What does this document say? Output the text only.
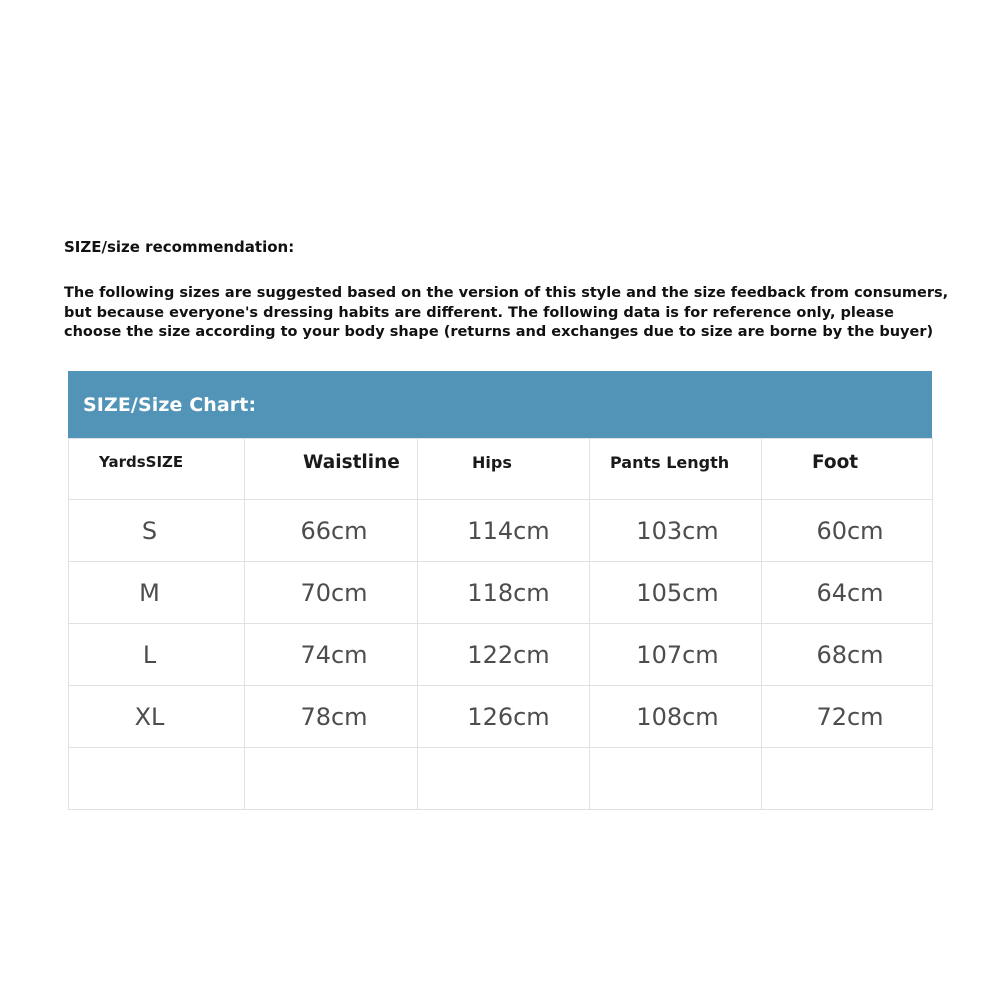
SIZE/size recommendation:
The following sizes are suggested based on the version of this style and the size feedback from consumers,
but because everyone's dressing habits are different. The following data is for reference only, please
choose the size according to your body shape (returns and exchanges due to size are borne by the buyer)
SIZE/Size Chart:
YardsSIZE	Waistline	Hips	Pants Length	Foot

S	66cm	114cm	103cm	60cm

M	70cm	118cm	105cm	64cm

L	74cm	122cm	107cm	68cm

XL	78cm	126cm	108cm	72cm
